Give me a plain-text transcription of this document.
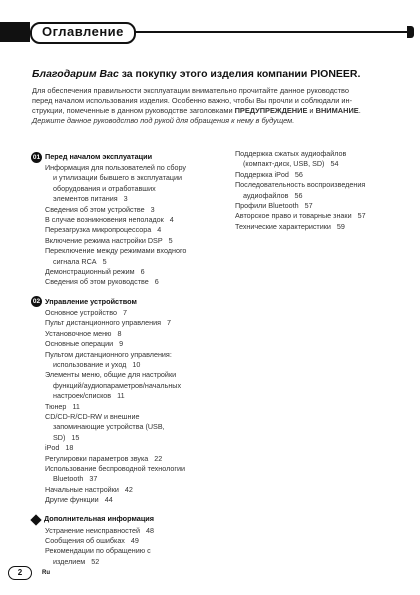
Оглавление
Благодарим Вас за покупку этого изделия компании PIONEER.
Для обеспечения правильности эксплуатации внимательно прочитайте данное руководство
перед началом использования изделия. Особенно важно, чтобы Вы прочли и соблюдали ин-
струкции, помеченные в данном руководстве заголовками ПРЕДУПРЕЖДЕНИЕ и ВНИМАНИЕ.
Держите данное руководство под рукой для обращения к нему в будущем.
01 Перед началом эксплуатации
Информация для пользователей по сбору
и утилизации бывшего в эксплуатации
оборудования и отработавших
элементов питания 3
Сведения об этом устройстве 3
В случае возникновения неполадок 4
Перезагрузка микропроцессора 4
Включение режима настройки DSP 5
Переключение между режимами входного
сигнала RCA 5
Демонстрационный режим 6
Сведения об этом руководстве 6
02 Управление устройством
Основное устройство 7
Пульт дистанционного управления 7
Установочное меню 8
Основные операции 9
Пультом дистанционного управления:
использование и уход 10
Элементы меню, общие для настройки
функций/аудиопараметров/начальных
настроек/списков 11
Тюнер 11
CD/CD-R/CD-RW и внешние
запоминающие устройства (USB,
SD) 15
iPod 18
Регулировки параметров звука 22
Использование беспроводной технологии
Bluetooth 37
Начальные настройки 42
Другие функции 44
Дополнительная информация
Устранение неисправностей 48
Сообщения об ошибках 49
Рекомендации по обращению с
изделием 52
Поддержка сжатых аудиофайлов
(компакт-диск, USB, SD) 54
Поддержка iPod 56
Последовательность воспроизведения
аудиофайлов 56
Профили Bluetooth 57
Авторское право и товарные знаки 57
Технические характеристики 59
2	Ru
